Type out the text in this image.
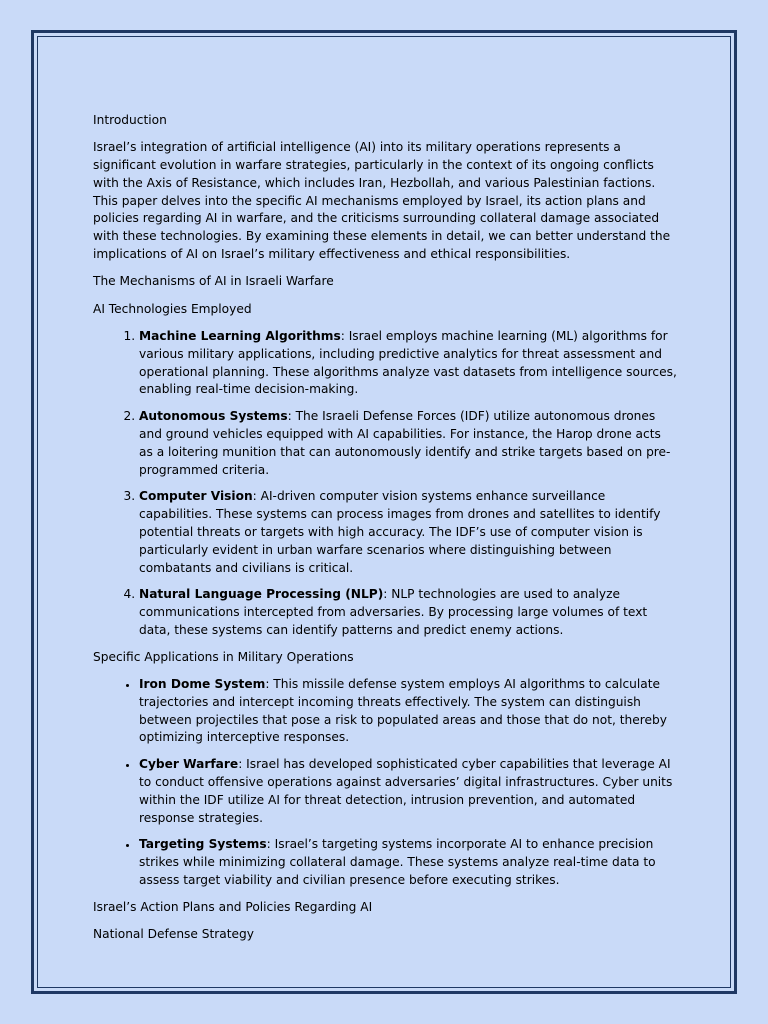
Introduction

Israel’s integration of artificial intelligence (AI) into its military operations represents a significant evolution in warfare strategies, particularly in the context of its ongoing conflicts with the Axis of Resistance, which includes Iran, Hezbollah, and various Palestinian factions. This paper delves into the specific AI mechanisms employed by Israel, its action plans and policies regarding AI in warfare, and the criticisms surrounding collateral damage associated with these technologies. By examining these elements in detail, we can better understand the implications of AI on Israel’s military effectiveness and ethical responsibilities.

The Mechanisms of AI in Israeli Warfare

AI Technologies Employed

1. Machine Learning Algorithms: Israel employs machine learning (ML) algorithms for various military applications, including predictive analytics for threat assessment and operational planning. These algorithms analyze vast datasets from intelligence sources, enabling real-time decision-making.
2. Autonomous Systems: The Israeli Defense Forces (IDF) utilize autonomous drones and ground vehicles equipped with AI capabilities. For instance, the Harop drone acts as a loitering munition that can autonomously identify and strike targets based on pre-programmed criteria.
3. Computer Vision: AI-driven computer vision systems enhance surveillance capabilities. These systems can process images from drones and satellites to identify potential threats or targets with high accuracy. The IDF’s use of computer vision is particularly evident in urban warfare scenarios where distinguishing between combatants and civilians is critical.
4. Natural Language Processing (NLP): NLP technologies are used to analyze communications intercepted from adversaries. By processing large volumes of text data, these systems can identify patterns and predict enemy actions.

Specific Applications in Military Operations

• Iron Dome System: This missile defense system employs AI algorithms to calculate trajectories and intercept incoming threats effectively. The system can distinguish between projectiles that pose a risk to populated areas and those that do not, thereby optimizing interceptive responses.
• Cyber Warfare: Israel has developed sophisticated cyber capabilities that leverage AI to conduct offensive operations against adversaries’ digital infrastructures. Cyber units within the IDF utilize AI for threat detection, intrusion prevention, and automated response strategies.
• Targeting Systems: Israel’s targeting systems incorporate AI to enhance precision strikes while minimizing collateral damage. These systems analyze real-time data to assess target viability and civilian presence before executing strikes.

Israel’s Action Plans and Policies Regarding AI

National Defense Strategy
